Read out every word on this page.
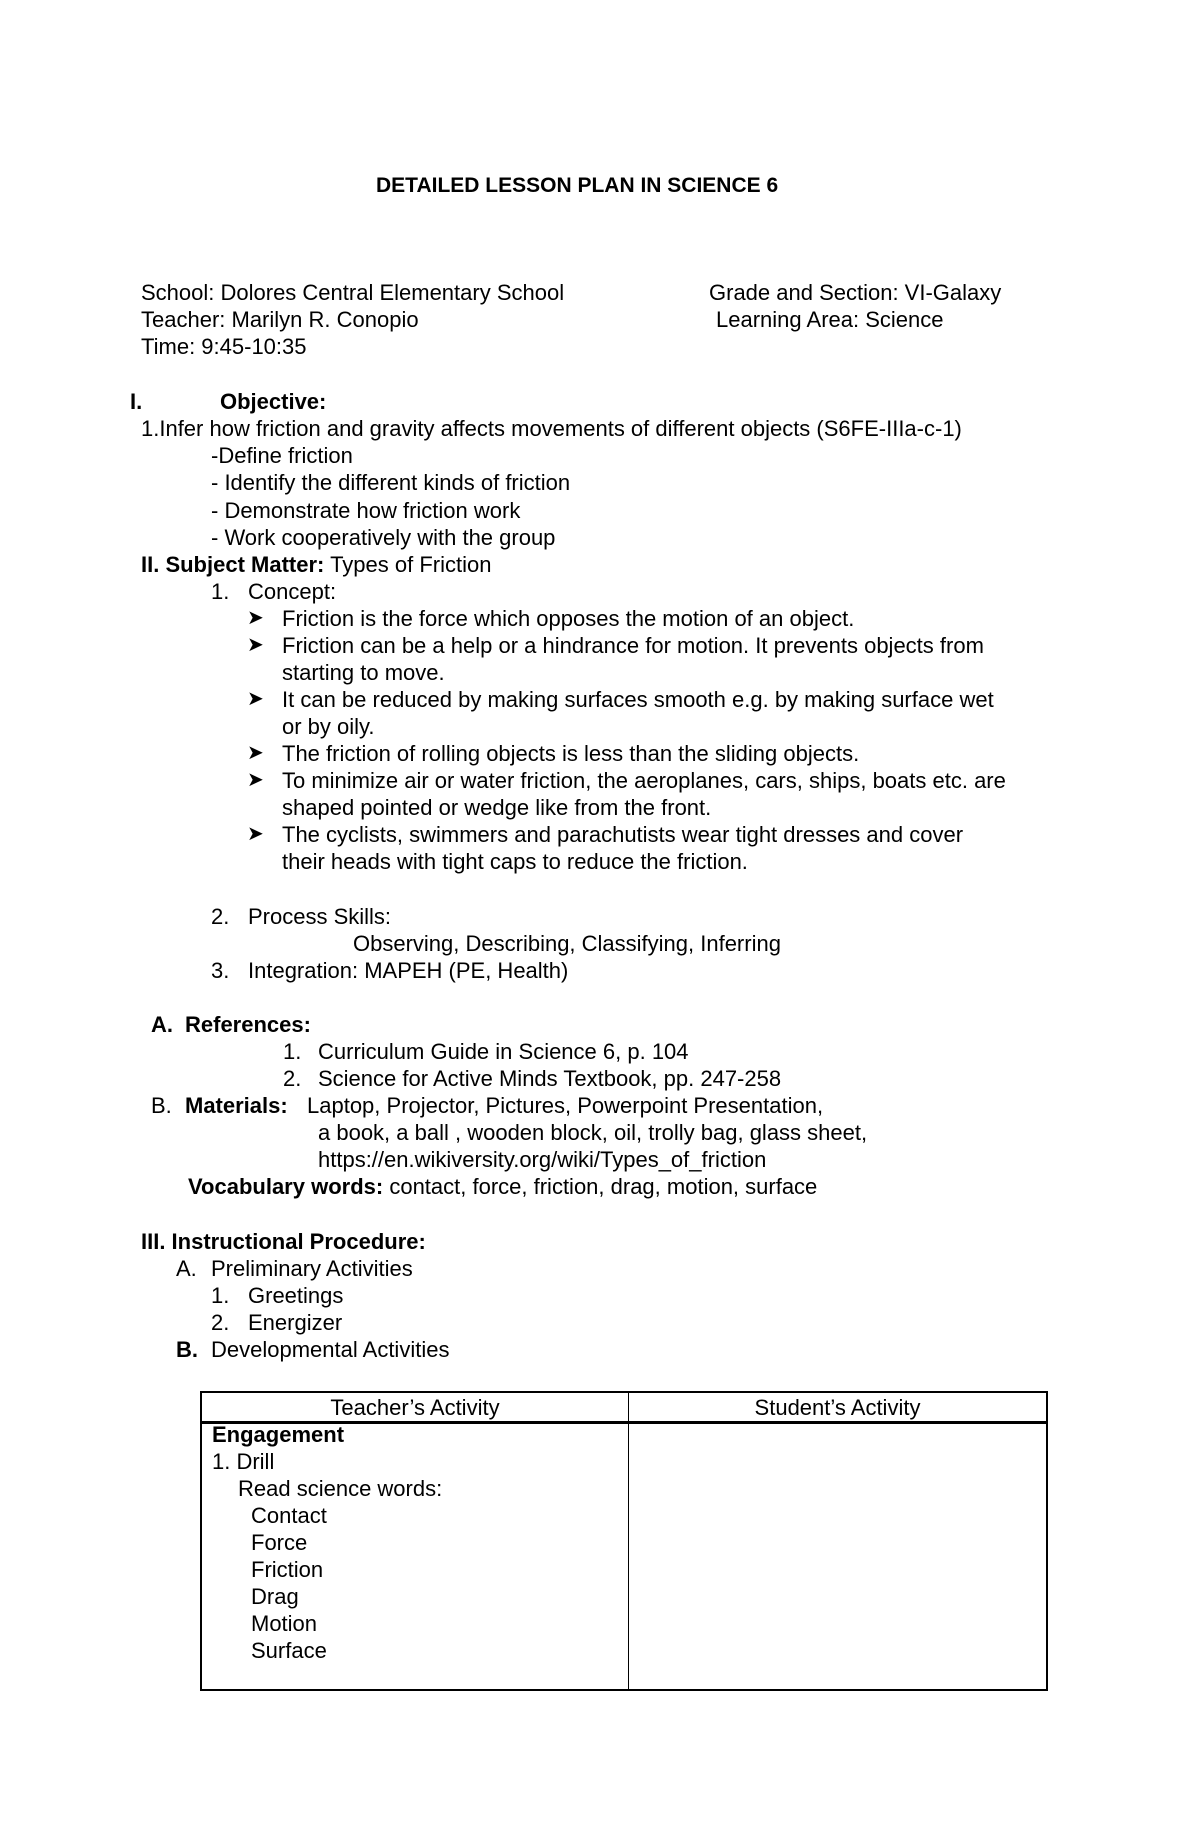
DETAILED LESSON PLAN IN SCIENCE 6
School: Dolores Central Elementary School	Grade and Section: VI-Galaxy
Teacher: Marilyn R. Conopio	Learning Area: Science
Time: 9:45-10:35
I.	Objective:
1.Infer how friction and gravity affects movements of different objects (S6FE-IIIa-c-1)
-Define friction
- Identify the different kinds of friction
- Demonstrate how friction work
- Work cooperatively with the group
II. Subject Matter: Types of Friction
1. Concept:
➤ Friction is the force which opposes the motion of an object.
➤ Friction can be a help or a hindrance for motion. It prevents objects from
starting to move.
➤ It can be reduced by making surfaces smooth e.g. by making surface wet
or by oily.
➤ The friction of rolling objects is less than the sliding objects.
➤ To minimize air or water friction, the aeroplanes, cars, ships, boats etc. are
shaped pointed or wedge like from the front.
➤ The cyclists, swimmers and parachutists wear tight dresses and cover
their heads with tight caps to reduce the friction.
2. Process Skills:
Observing, Describing, Classifying, Inferring
3. Integration: MAPEH (PE, Health)
A. References:
1. Curriculum Guide in Science 6, p. 104
2. Science for Active Minds Textbook, pp. 247-258
B. Materials: Laptop, Projector, Pictures, Powerpoint Presentation,
a book, a ball , wooden block, oil, trolly bag, glass sheet,
https://en.wikiversity.org/wiki/Types_of_friction
Vocabulary words: contact, force, friction, drag, motion, surface
III. Instructional Procedure:
A. Preliminary Activities
1. Greetings
2. Energizer
B. Developmental Activities
Teacher’s Activity	Student’s Activity
Engagement
1. Drill
Read science words:
Contact
Force
Friction
Drag
Motion
Surface
